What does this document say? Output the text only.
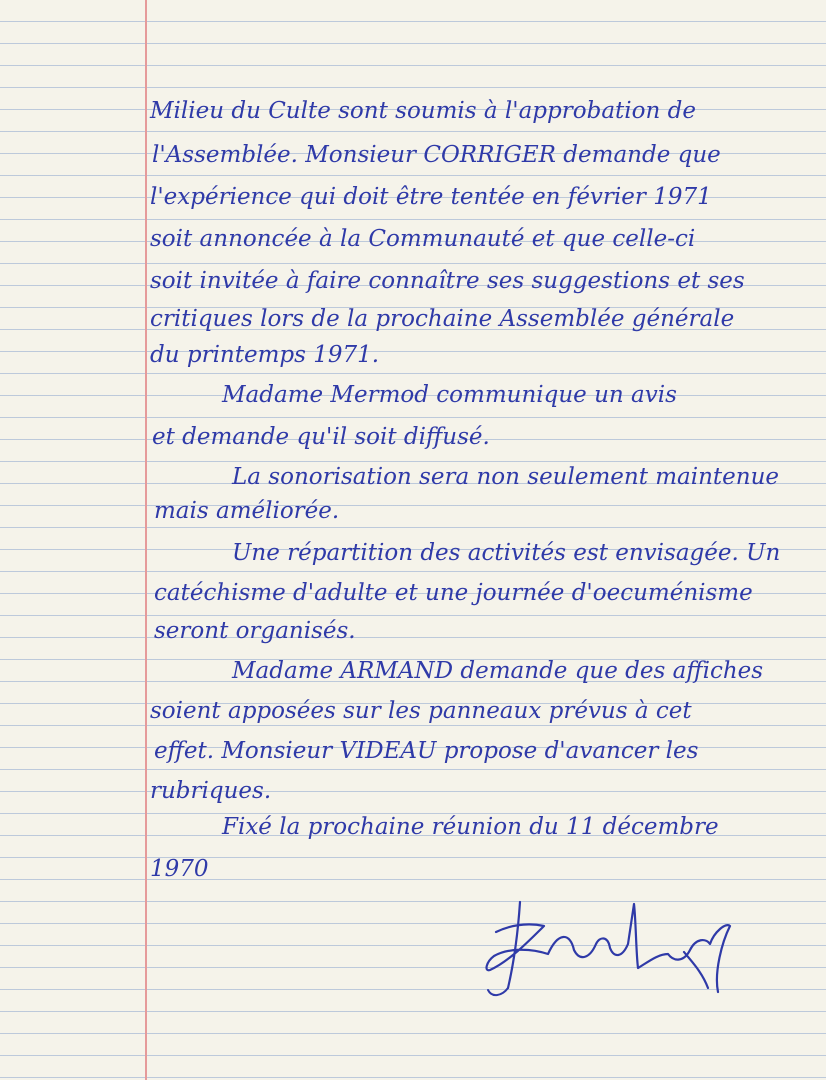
Milieu du Culte sont soumis à l'approbation de
l'Assemblée. Monsieur CORRIGER demande que
l'expérience qui doit être tentée en février 1971
soit annoncée à la Communauté et que celle-ci
soit invitée à faire connaître ses suggestions et ses
critiques lors de la prochaine Assemblée générale
du printemps 1971.
Madame Mermod communique un avis
et demande qu'il soit diffusé.
La sonorisation sera non seulement maintenue
mais améliorée.
Une répartition des activités est envisagée. Un
catéchisme d'adulte et une journée d'oecuménisme
seront organisés.
Madame ARMAND demande que des affiches
soient apposées sur les panneaux prévus à cet
effet. Monsieur VIDEAU propose d'avancer les
rubriques.
Fixé la prochaine réunion du 11 décembre
1970
